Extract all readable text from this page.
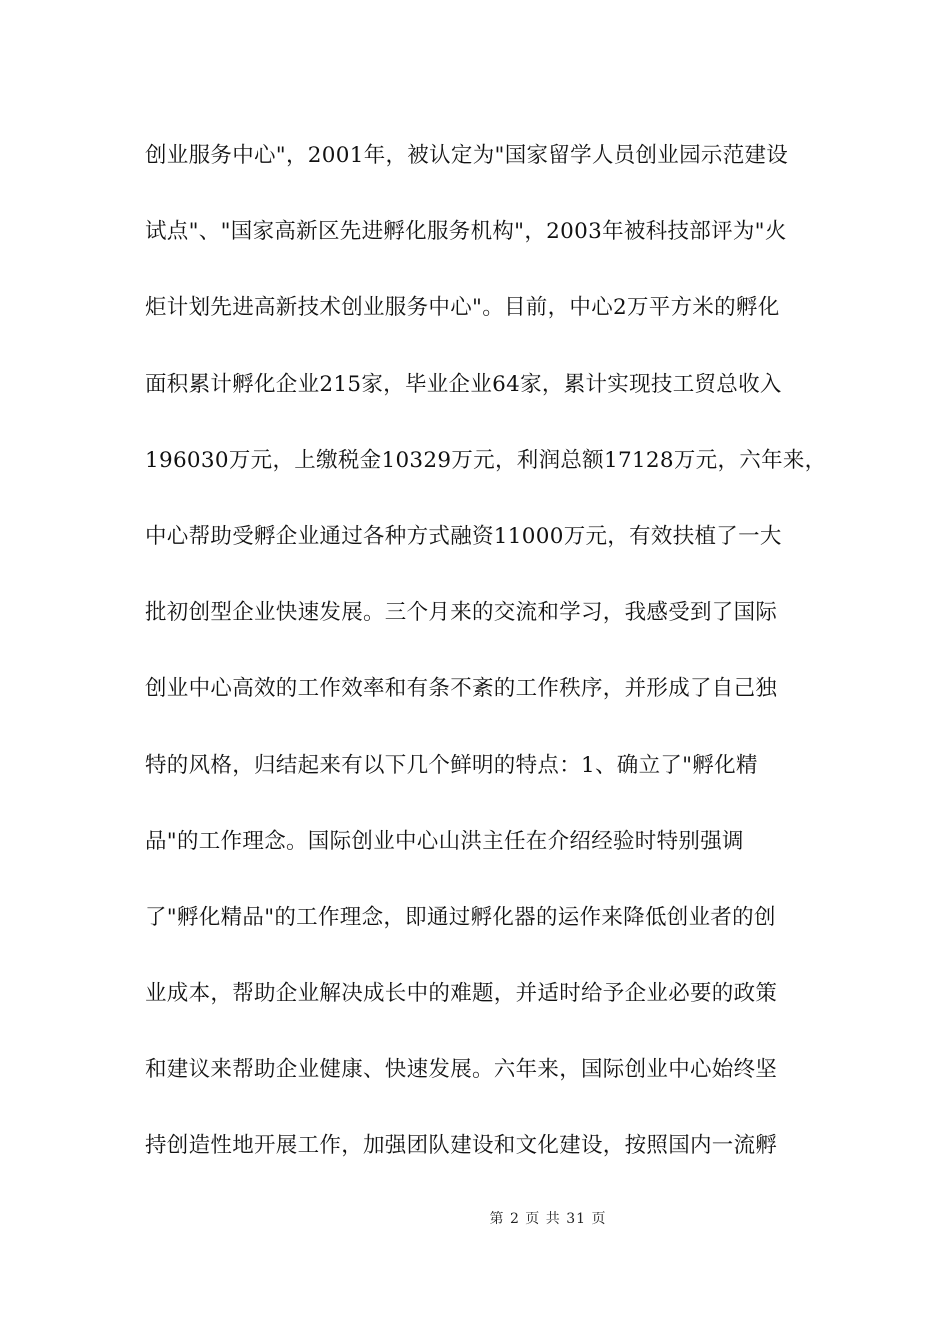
创业服务中心"，2001年，被认定为"国家留学人员创业园示范建设
试点"、"国家高新区先进孵化服务机构"，2003年被科技部评为"火
炬计划先进高新技术创业服务中心"。目前，中心2万平方米的孵化
面积累计孵化企业215家，毕业企业64家，累计实现技工贸总收入
196030万元，上缴税金10329万元，利润总额17128万元，六年来，
中心帮助受孵企业通过各种方式融资11000万元，有效扶植了一大
批初创型企业快速发展。三个月来的交流和学习，我感受到了国际
创业中心高效的工作效率和有条不紊的工作秩序，并形成了自己独
特的风格，归结起来有以下几个鲜明的特点：1、确立了"孵化精
品"的工作理念。国际创业中心山洪主任在介绍经验时特别强调
了"孵化精品"的工作理念，即通过孵化器的运作来降低创业者的创
业成本，帮助企业解决成长中的难题，并适时给予企业必要的政策
和建议来帮助企业健康、快速发展。六年来，国际创业中心始终坚
持创造性地开展工作，加强团队建设和文化建设，按照国内一流孵
第 2 页 共 31 页
